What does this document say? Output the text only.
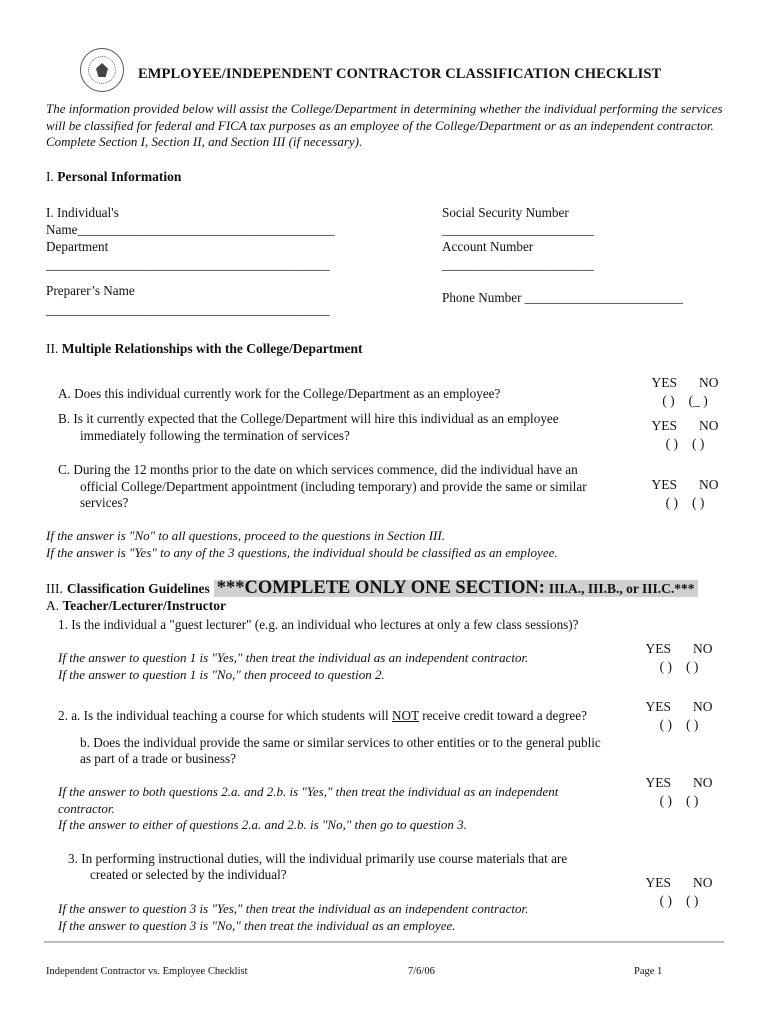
EMPLOYEE/INDEPENDENT CONTRACTOR CLASSIFICATION CHECKLIST
The information provided below will assist the College/Department in determining whether the individual performing the services will be classified for federal and FICA tax purposes as an employee of the College/Department or as an independent contractor. Complete Section I, Section II, and Section III (if necessary).
I. Personal Information
I. Individual's
Name_______________________________________
Department
___________________________________________
Preparer’s Name
___________________________________________
Social Security Number
_______________________
Account Number
_______________________
Phone Number ________________________
II. Multiple Relationships with the College/Department
A. Does this individual currently work for the College/Department as an employee?
YES NO
( ) (_ )
B. Is it currently expected that the College/Department will hire this individual as an employee
immediately following the termination of services?
YES NO
( ) ( )
C. During the 12 months prior to the date on which services commence, did the individual have an
official College/Department appointment (including temporary) and provide the same or similar
services?
YES NO
( ) ( )
If the answer is "No" to all questions, proceed to the questions in Section III.
If the answer is "Yes" to any of the 3 questions, the individual should be classified as an employee.
III. Classification Guidelines ***COMPLETE ONLY ONE SECTION: III.A., III.B., or III.C.***
A. Teacher/Lecturer/Instructor
1. Is the individual a "guest lecturer" (e.g. an individual who lectures at only a few class sessions)?
If the answer to question 1 is "Yes," then treat the individual as an independent contractor.
If the answer to question 1 is "No," then proceed to question 2.
YES NO
( ) ( )
2. a. Is the individual teaching a course for which students will NOT receive credit toward a degree?
YES NO
( ) ( )
b. Does the individual provide the same or similar services to other entities or to the general public
as part of a trade or business?
If the answer to both questions 2.a. and 2.b. is "Yes," then treat the individual as an independent
contractor.
If the answer to either of questions 2.a. and 2.b. is "No," then go to question 3.
YES NO
( ) ( )
3. In performing instructional duties, will the individual primarily use course materials that are
created or selected by the individual?
If the answer to question 3 is "Yes," then treat the individual as an independent contractor.
If the answer to question 3 is "No," then treat the individual as an employee.
YES NO
( ) ( )
Independent Contractor vs. Employee Checklist	7/6/06	Page 1
